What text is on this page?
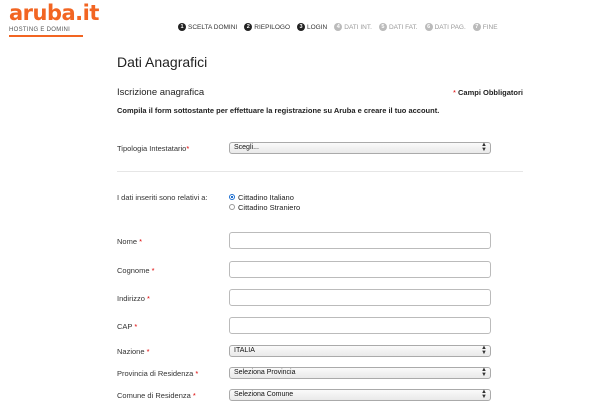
aruba.it
HOSTING E DOMINI	1 SCELTA DOMINI	2 RIEPILOGO	3 LOGIN	4 DATI INT.	5 DATI FAT.	6 DATI PAG.	7 FINE
Dati Anagrafici
Iscrizione anagrafica	* Campi Obbligatori
Compila il form sottostante per effettuare la registrazione su Aruba e creare il tuo account.
Tipologia Intestatario*	Scegli...	▲
▼
I dati inseriti sono relativi a:	Cittadino Italiano
Cittadino Straniero
Nome *
Cognome *
Indirizzo *
CAP *
Nazione *	ITALIA	▲
▼
Provincia di Residenza *	Seleziona Provincia	▲
▼
Comune di Residenza *	Seleziona Comune	▲
▼
